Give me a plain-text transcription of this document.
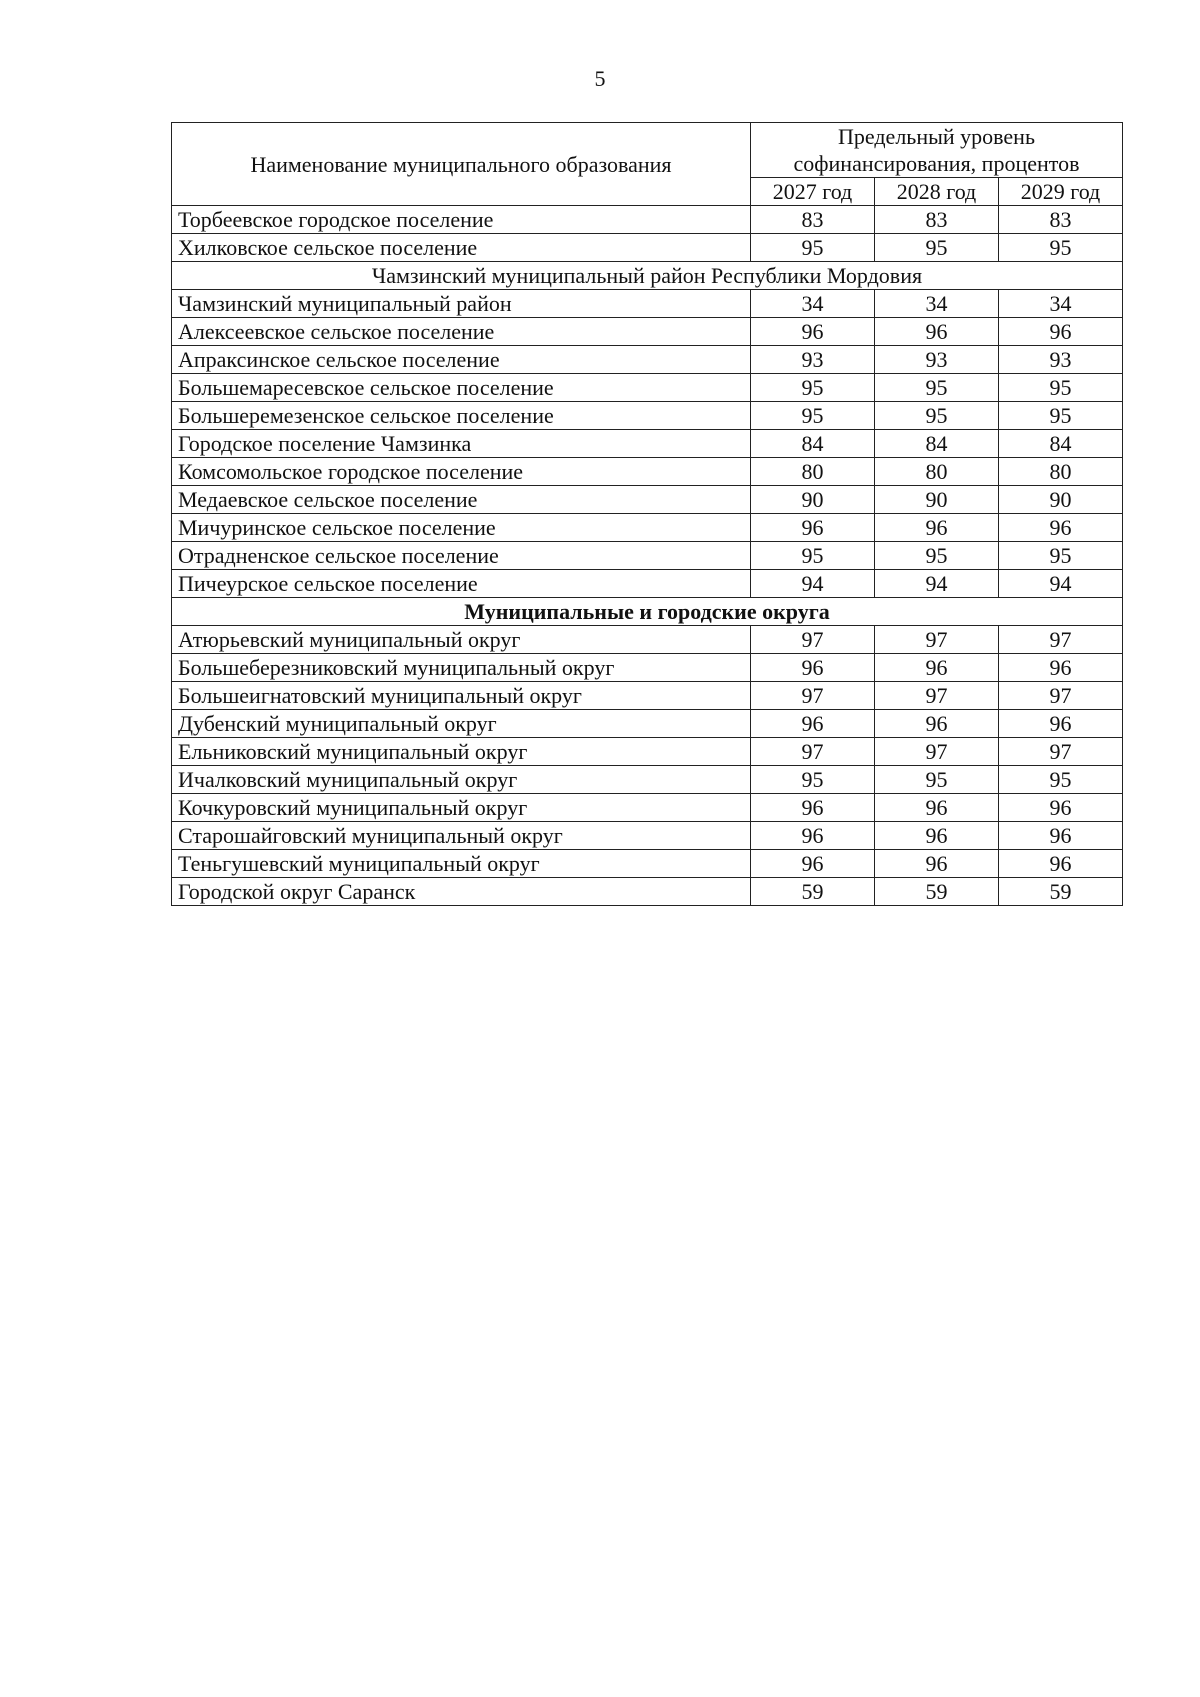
5
Наименование муниципального образования	Предельный уровень
софинансирования, процентов		
	2027 год	2028 год	2029 год
Торбеевское городское поселение	83	83	83
Хилковское сельское поселение	95	95	95
Чамзинский муниципальный район Республики Мордовия			
Чамзинский муниципальный район	34	34	34
Алексеевское сельское поселение	96	96	96
Апраксинское сельское поселение	93	93	93
Большемаресевское сельское поселение	95	95	95
Большеремезенское сельское поселение	95	95	95
Городское поселение Чамзинка	84	84	84
Комсомольское городское поселение	80	80	80
Медаевское сельское поселение	90	90	90
Мичуринское сельское поселение	96	96	96
Отрадненское сельское поселение	95	95	95
Пичеурское сельское поселение	94	94	94
Муниципальные и городские округа			
Атюрьевский муниципальный округ	97	97	97
Большеберезниковский муниципальный округ	96	96	96
Большеигнатовский муниципальный округ	97	97	97
Дубенский муниципальный округ	96	96	96
Ельниковский муниципальный округ	97	97	97
Ичалковский муниципальный округ	95	95	95
Кочкуровский муниципальный округ	96	96	96
Старошайговский муниципальный округ	96	96	96
Теньгушевский муниципальный округ	96	96	96
Городской округ Саранск	59	59	59
